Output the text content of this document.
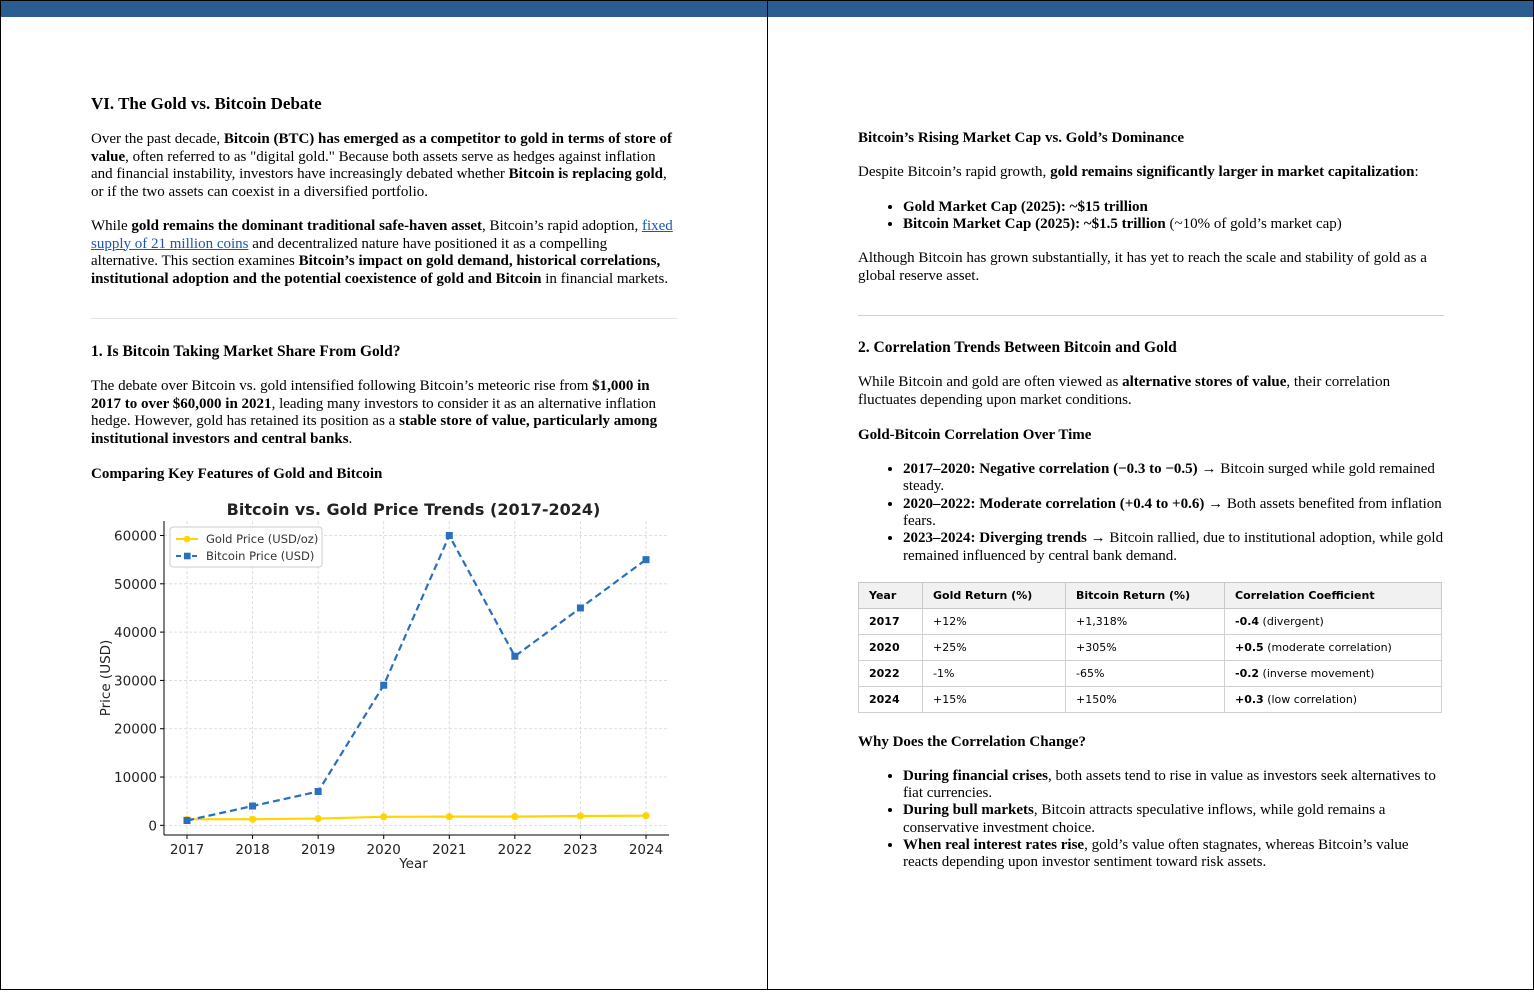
VI. The Gold vs. Bitcoin Debate

Over the past decade, Bitcoin (BTC) has emerged as a competitor to gold in terms of store of value, often referred to as "digital gold." Because both assets serve as hedges against inflation and financial instability, investors have increasingly debated whether Bitcoin is replacing gold, or if the two assets can coexist in a diversified portfolio.

While gold remains the dominant traditional safe-haven asset, Bitcoin’s rapid adoption, fixed supply of 21 million coins and decentralized nature have positioned it as a compelling alternative. This section examines Bitcoin’s impact on gold demand, historical correlations, institutional adoption and the potential coexistence of gold and Bitcoin in financial markets.

1. Is Bitcoin Taking Market Share From Gold?

The debate over Bitcoin vs. gold intensified following Bitcoin’s meteoric rise from $1,000 in 2017 to over $60,000 in 2021, leading many investors to consider it as an alternative inflation hedge. However, gold has retained its position as a stable store of value, particularly among institutional investors and central banks.

Comparing Key Features of Gold and Bitcoin
Bitcoin vs. Gold Price Trends (2017-2024)
0
10000
20000
30000
40000
50000
60000
2017 2018 2019 2020 2021 2022 2023 2024
Year
Price (USD)
Gold Price (USD/oz)
Bitcoin Price (USD)
Bitcoin’s Rising Market Cap vs. Gold’s Dominance

Despite Bitcoin’s rapid growth, gold remains significantly larger in market capitalization:

• Gold Market Cap (2025): ~$15 trillion
• Bitcoin Market Cap (2025): ~$1.5 trillion (~10% of gold’s market cap)

Although Bitcoin has grown substantially, it has yet to reach the scale and stability of gold as a global reserve asset.

2. Correlation Trends Between Bitcoin and Gold

While Bitcoin and gold are often viewed as alternative stores of value, their correlation fluctuates depending upon market conditions.

Gold-Bitcoin Correlation Over Time
• 2017–2020: Negative correlation (−0.3 to −0.5) → Bitcoin surged while gold remained steady.
• 2020–2022: Moderate correlation (+0.4 to +0.6) → Both assets benefited from inflation fears.
• 2023–2024: Diverging trends → Bitcoin rallied, due to institutional adoption, while gold remained influenced by central bank demand.
Year	Gold Return (%)	Bitcoin Return (%)	Correlation Coefficient
2017	+12%	+1,318%	-0.4 (divergent)
2020	+25%	+305%	+0.5 (moderate correlation)
2022	-1%	-65%	-0.2 (inverse movement)
2024	+15%	+150%	+0.3 (low correlation)
Why Does the Correlation Change?
• During financial crises, both assets tend to rise in value as investors seek alternatives to fiat currencies.
• During bull markets, Bitcoin attracts speculative inflows, while gold remains a conservative investment choice.
• When real interest rates rise, gold’s value often stagnates, whereas Bitcoin’s value reacts depending upon investor sentiment toward risk assets.
